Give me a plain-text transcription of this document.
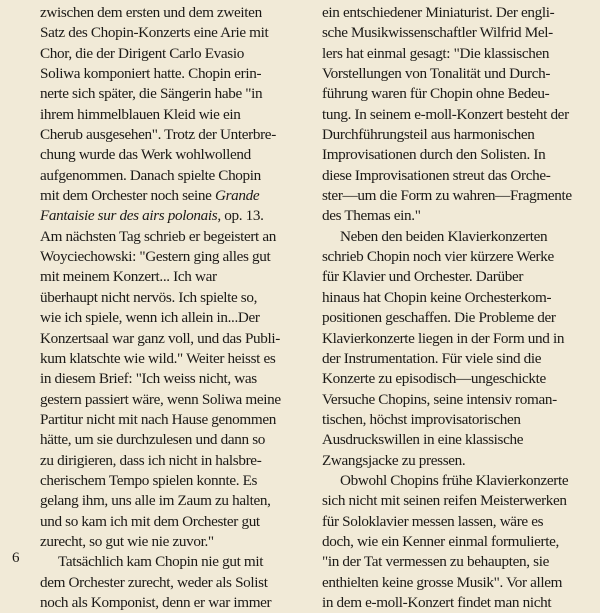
zwischen dem ersten und dem zweiten
Satz des Chopin-Konzerts eine Arie mit
Chor, die der Dirigent Carlo Evasio
Soliwa komponiert hatte. Chopin erin-
nerte sich später, die Sängerin habe "in
ihrem himmelblauen Kleid wie ein
Cherub ausgesehen". Trotz der Unterbre-
chung wurde das Werk wohlwollend
aufgenommen. Danach spielte Chopin
mit dem Orchester noch seine Grande
Fantaisie sur des airs polonais, op. 13.
Am nächsten Tag schrieb er begeistert an
Woyciechowski: "Gestern ging alles gut
mit meinem Konzert... Ich war
überhaupt nicht nervös. Ich spielte so,
wie ich spiele, wenn ich allein in...Der
Konzertsaal war ganz voll, und das Publi-
kum klatschte wie wild." Weiter heisst es
in diesem Brief: "Ich weiss nicht, was
gestern passiert wäre, wenn Soliwa meine
Partitur nicht mit nach Hause genommen
hätte, um sie durchzulesen und dann so
zu dirigieren, dass ich nicht in halsbre-
cherischem Tempo spielen konnte. Es
gelang ihm, uns alle im Zaum zu halten,
und so kam ich mit dem Orchester gut
zurecht, so gut wie nie zuvor."
Tatsächlich kam Chopin nie gut mit
dem Orchester zurecht, weder als Solist
noch als Komponist, denn er war immer
ein entschiedener Miniaturist. Der engli-
sche Musikwissenschaftler Wilfrid Mel-
lers hat einmal gesagt: "Die klassischen
Vorstellungen von Tonalität und Durch-
führung waren für Chopin ohne Bedeu-
tung. In seinem e-moll-Konzert besteht der
Durchführungsteil aus harmonischen
Improvisationen durch den Solisten. In
diese Improvisationen streut das Orche-
ster—um die Form zu wahren—Fragmente
des Themas ein."
Neben den beiden Klavierkonzerten
schrieb Chopin noch vier kürzere Werke
für Klavier und Orchester. Darüber
hinaus hat Chopin keine Orchesterkom-
positionen geschaffen. Die Probleme der
Klavierkonzerte liegen in der Form und in
der Instrumentation. Für viele sind die
Konzerte zu episodisch—ungeschickte
Versuche Chopins, seine intensiv roman-
tischen, höchst improvisatorischen
Ausdruckswillen in eine klassische
Zwangsjacke zu pressen.
Obwohl Chopins frühe Klavierkonzerte
sich nicht mit seinen reifen Meisterwerken
für Soloklavier messen lassen, wäre es
doch, wie ein Kenner einmal formulierte,
"in der Tat vermessen zu behaupten, sie
enthielten keine grosse Musik". Vor allem
in dem e-moll-Konzert findet man nicht
6
